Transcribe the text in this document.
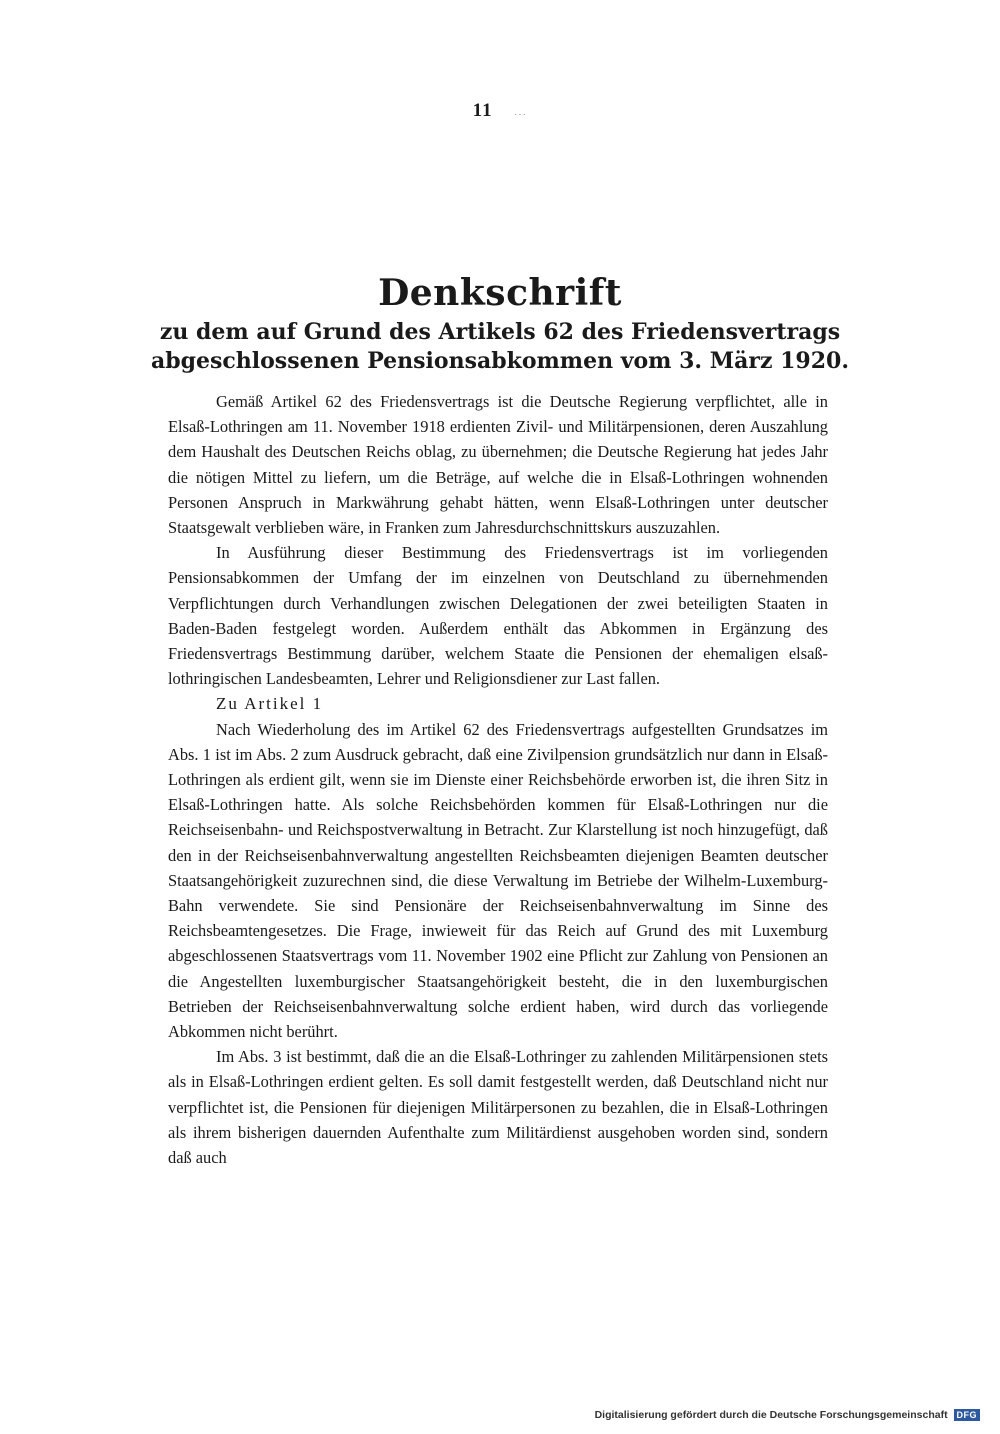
11 ...
Denkschrift
zu dem auf Grund des Artikels 62 des Friedensvertrags
abgeschlossenen Pensionsabkommen vom 3. März 1920.

Gemäß Artikel 62 des Friedensvertrags ist die Deutsche Regierung verpflichtet, alle in Elsaß-Lothringen am 11. November 1918 erdienten Zivil- und Militärpensionen, deren Auszahlung dem Haushalt des Deutschen Reichs oblag, zu übernehmen; die Deutsche Regierung hat jedes Jahr die nötigen Mittel zu liefern, um die Beträge, auf welche die in Elsaß-Lothringen wohnenden Personen Anspruch in Markwährung gehabt hätten, wenn Elsaß-Lothringen unter deutscher Staatsgewalt verblieben wäre, in Franken zum Jahresdurchschnittskurs auszuzahlen.

In Ausführung dieser Bestimmung des Friedensvertrags ist im vorliegenden Pensionsabkommen der Umfang der im einzelnen von Deutschland zu übernehmenden Verpflichtungen durch Verhandlungen zwischen Delegationen der zwei beteiligten Staaten in Baden-Baden festgelegt worden. Außerdem enthält das Abkommen in Ergänzung des Friedensvertrags Bestimmung darüber, welchem Staate die Pensionen der ehemaligen elsaß-lothringischen Landesbeamten, Lehrer und Religionsdiener zur Last fallen.

Zu Artikel 1

Nach Wiederholung des im Artikel 62 des Friedensvertrags aufgestellten Grundsatzes im Abs. 1 ist im Abs. 2 zum Ausdruck gebracht, daß eine Zivilpension grundsätzlich nur dann in Elsaß-Lothringen als erdient gilt, wenn sie im Dienste einer Reichsbehörde erworben ist, die ihren Sitz in Elsaß-Lothringen hatte. Als solche Reichsbehörden kommen für Elsaß-Lothringen nur die Reichseisenbahn- und Reichspostverwaltung in Betracht. Zur Klarstellung ist noch hinzugefügt, daß den in der Reichseisenbahnverwaltung angestellten Reichsbeamten diejenigen Beamten deutscher Staatsangehörigkeit zuzurechnen sind, die diese Verwaltung im Betriebe der Wilhelm-Luxemburg-Bahn verwendete. Sie sind Pensionäre der Reichseisenbahnverwaltung im Sinne des Reichsbeamtengesetzes. Die Frage, inwieweit für das Reich auf Grund des mit Luxemburg abgeschlossenen Staatsvertrags vom 11. November 1902 eine Pflicht zur Zahlung von Pensionen an die Angestellten luxemburgischer Staatsangehörigkeit besteht, die in den luxemburgischen Betrieben der Reichseisenbahnverwaltung solche erdient haben, wird durch das vorliegende Abkommen nicht berührt.

Im Abs. 3 ist bestimmt, daß die an die Elsaß-Lothringer zu zahlenden Militärpensionen stets als in Elsaß-Lothringen erdient gelten. Es soll damit festgestellt werden, daß Deutschland nicht nur verpflichtet ist, die Pensionen für diejenigen Militärpersonen zu bezahlen, die in Elsaß-Lothringen als ihrem bisherigen dauernden Aufenthalte zum Militärdienst ausgehoben worden sind, sondern daß auch

Digitalisierung gefördert durch die Deutsche Forschungsgemeinschaft DFG
